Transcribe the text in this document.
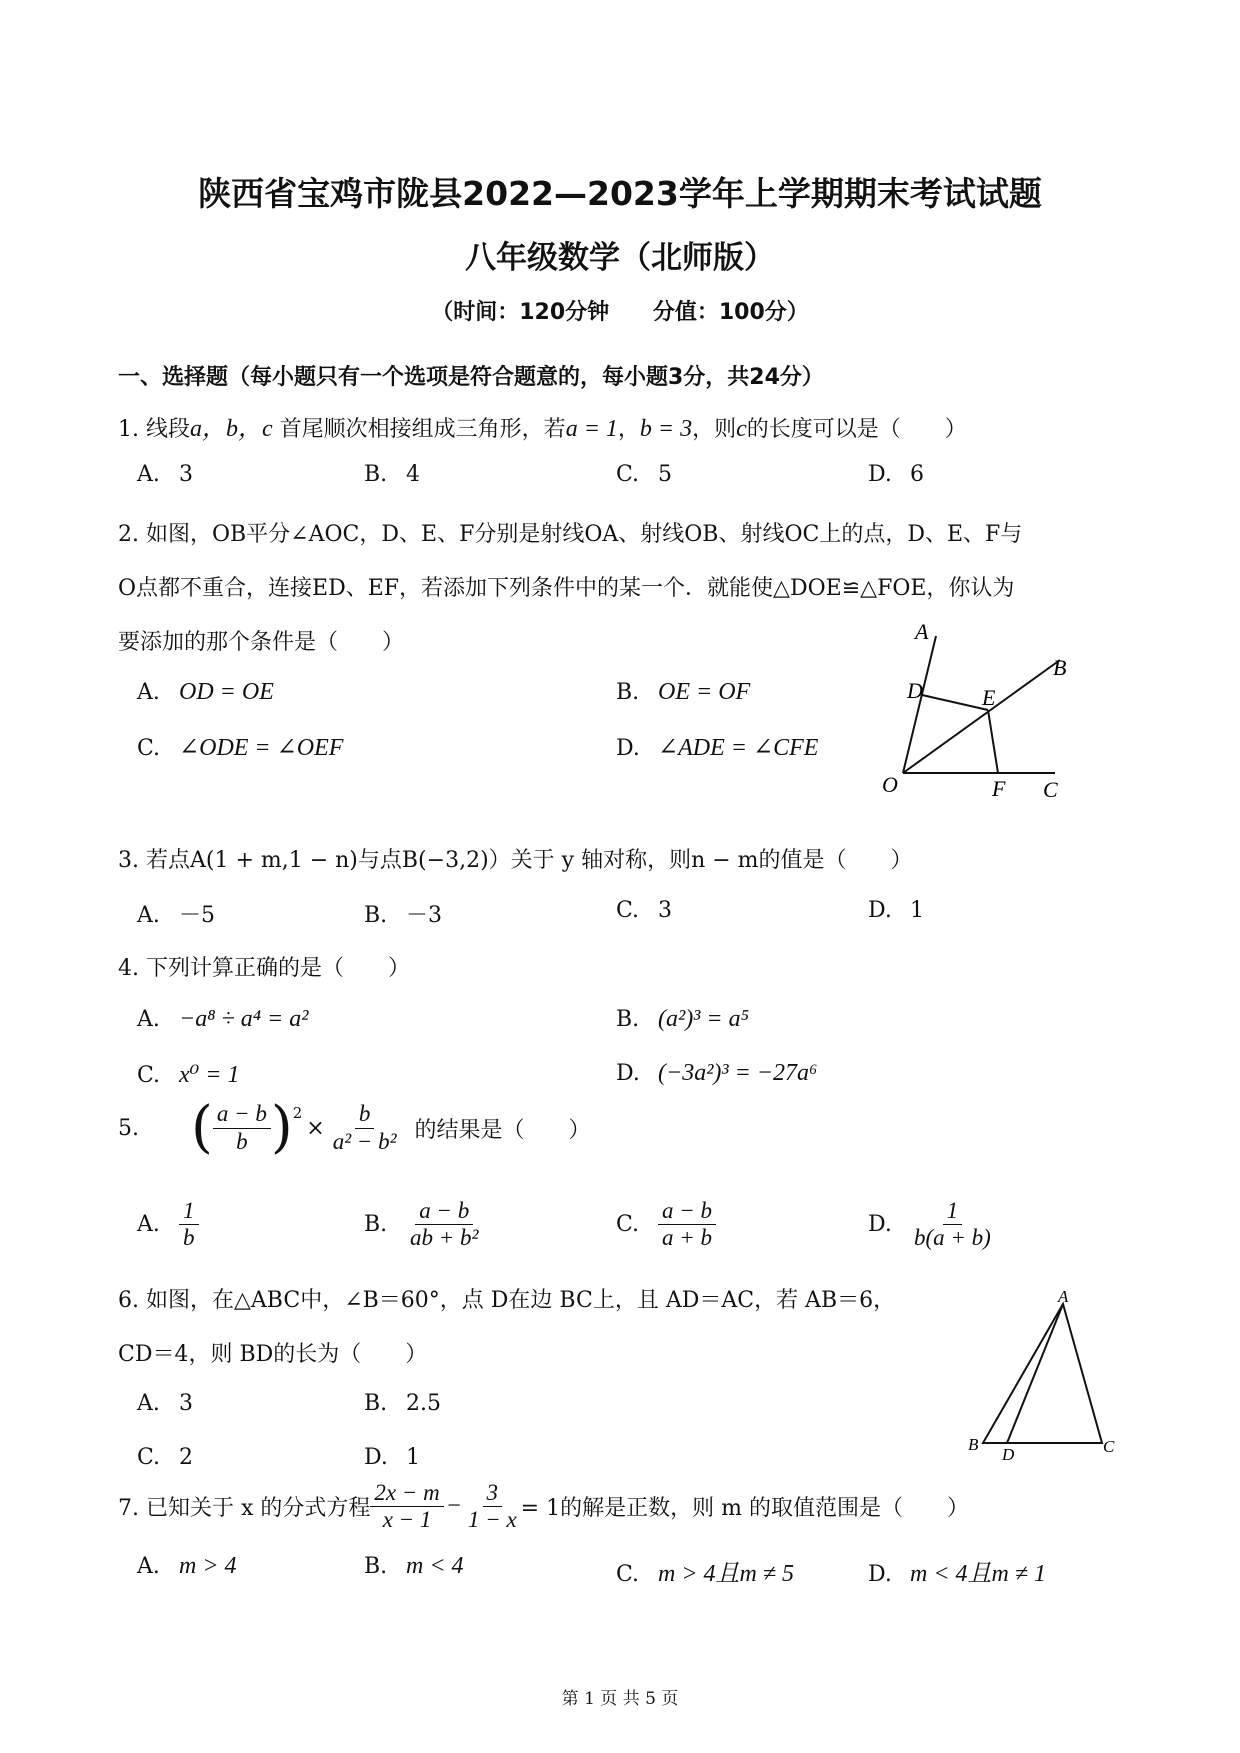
陕西省宝鸡市陇县2022—2023学年上学期期末考试试题
八年级数学（北师版）
（时间：120分钟 分值：100分）
一、选择题（每小题只有一个选项是符合题意的，每小题3分，共24分）
1. 线段a，b，c 首尾顺次相接组成三角形，若a = 1，b = 3，则c的长度可以是（　　）
A. 3	B. 4	C. 5	D. 6
2. 如图，OB平分∠AOC，D、E、F分别是射线OA、射线OB、射线OC上的点，D、E、F与
O点都不重合，连接ED、EF，若添加下列条件中的某一个．就能使△DOE≌△FOE，你认为
要添加的那个条件是（　　）
A. OD = OE	B. OE = OF
C. ∠ODE = ∠OEF	D. ∠ADE = ∠CFE
A
B
C
D	E
F
O
3. 若点A(1 + m,1 − n)与点B(−3,2)）关于 y 轴对称，则n − m的值是（　　）
A. －5	B. －3	C. 3	D. 1
4. 下列计算正确的是（　　）
A. −a⁸ ÷ a⁴ = a²	B. (a²)³ = a⁵
C. x⁰ = 1	D. (−3a²)³ = −27a⁶
5. ( $\frac{a - b}{b} )^2$
× $\frac{b}{\text{a² − b²}}$ 的结果是（　　）
A. $\frac{1}{b}$	B. $\frac{a - b}{\text{ab + b²}}$	C. $\frac{a - b}{a + b}$	D. $\frac{1}{b(a + b)}$
6. 如图，在△ABC中，∠B＝60°，点 D在边 BC上，且 AD＝AC，若 AB＝6，
CD＝4，则 BD的长为（　　）
A. 3	B. 2.5
C. 2	D. 1
A
B	C
D
7. 已知关于 x 的分式方程 $\frac{2x - m}{x - 1} - \frac{3}{1 - x} = 1$的解是正数，则 m 的取值范围是（　　）
A. m > 4	B. m < 4	C. m > 4且m ≠ 5	D. m < 4且m ≠ 1
第 1 页 共 5 页
